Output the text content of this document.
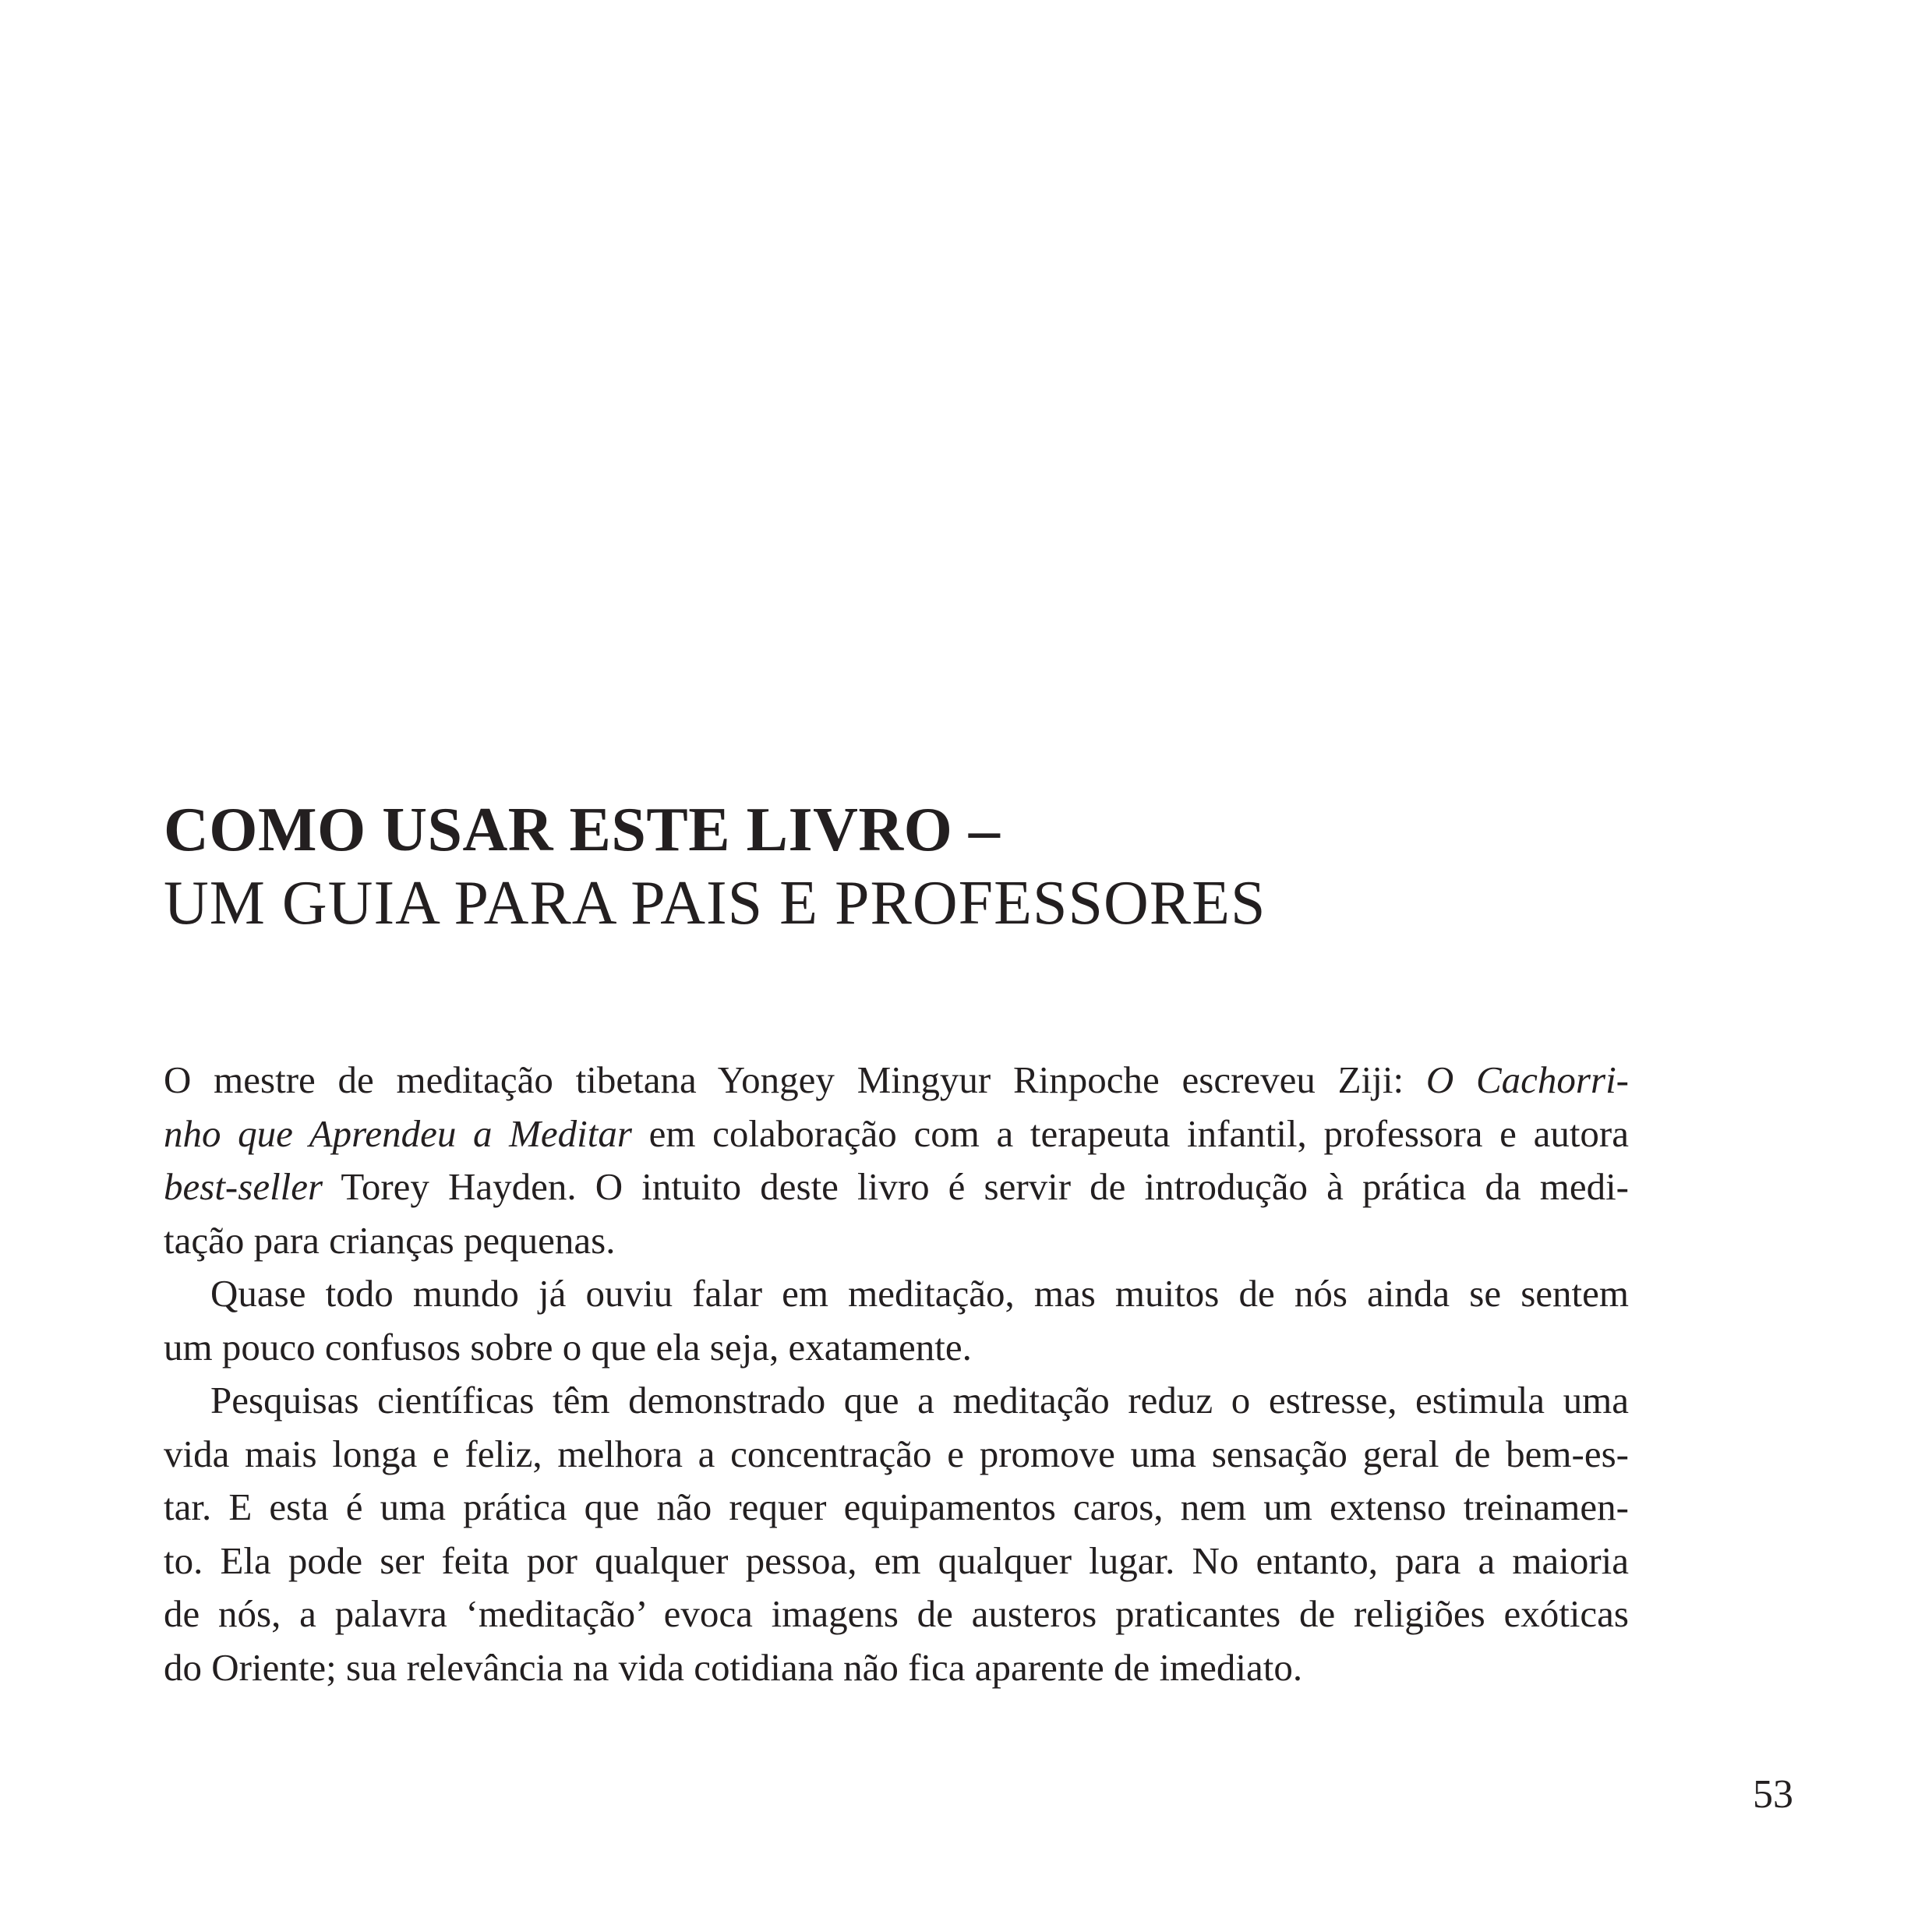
COMO USAR ESTE LIVRO –
UM GUIA PARA PAIS E PROFESSORES
O mestre de meditação tibetana Yongey Mingyur Rinpoche escreveu Ziji: O Cachorri-
nho que Aprendeu a Meditar em colaboração com a terapeuta infantil, professora e autora
best-seller Torey Hayden. O intuito deste livro é servir de introdução à prática da medi-
tação para crianças pequenas.
Quase todo mundo já ouviu falar em meditação, mas muitos de nós ainda se sentem
um pouco confusos sobre o que ela seja, exatamente.
Pesquisas científicas têm demonstrado que a meditação reduz o estresse, estimula uma
vida mais longa e feliz, melhora a concentração e promove uma sensação geral de bem-es-
tar. E esta é uma prática que não requer equipamentos caros, nem um extenso treinamen-
to. Ela pode ser feita por qualquer pessoa, em qualquer lugar. No entanto, para a maioria
de nós, a palavra ‘meditação’ evoca imagens de austeros praticantes de religiões exóticas
do Oriente; sua relevância na vida cotidiana não fica aparente de imediato.
53
